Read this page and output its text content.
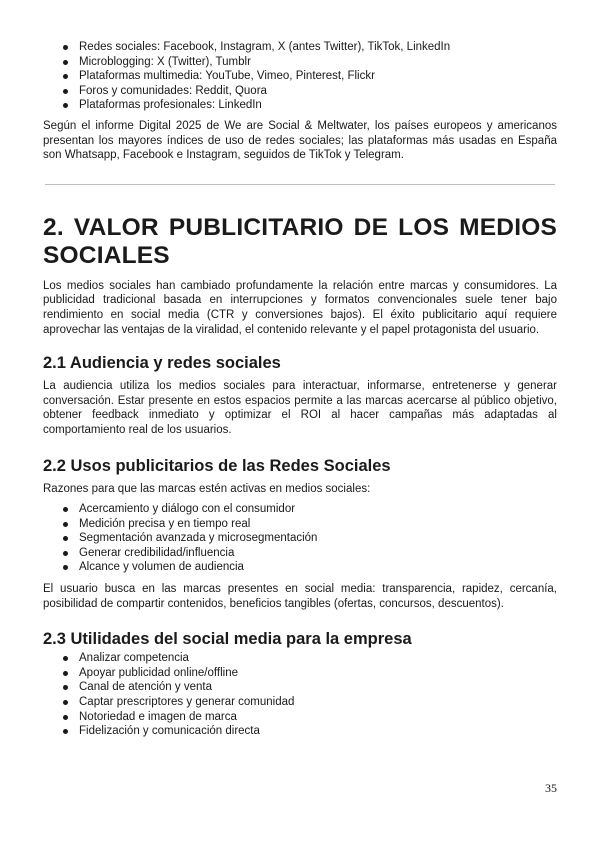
Redes sociales: Facebook, Instagram, X (antes Twitter), TikTok, LinkedIn
Microblogging: X (Twitter), Tumblr
Plataformas multimedia: YouTube, Vimeo, Pinterest, Flickr
Foros y comunidades: Reddit, Quora
Plataformas profesionales: LinkedIn

Según el informe Digital 2025 de We are Social & Meltwater, los países europeos y americanos presentan los mayores índices de uso de redes sociales; las plataformas más usadas en España son Whatsapp, Facebook e Instagram, seguidos de TikTok y Telegram.

2. VALOR PUBLICITARIO DE LOS MEDIOS SOCIALES

Los medios sociales han cambiado profundamente la relación entre marcas y consumidores. La publicidad tradicional basada en interrupciones y formatos convencionales suele tener bajo rendimiento en social media (CTR y conversiones bajos). El éxito publicitario aquí requiere aprovechar las ventajas de la viralidad, el contenido relevante y el papel protagonista del usuario.

2.1 Audiencia y redes sociales

La audiencia utiliza los medios sociales para interactuar, informarse, entretenerse y generar conversación. Estar presente en estos espacios permite a las marcas acercarse al público objetivo, obtener feedback inmediato y optimizar el ROI al hacer campañas más adaptadas al comportamiento real de los usuarios.

2.2 Usos publicitarios de las Redes Sociales

Razones para que las marcas estén activas en medios sociales:

Acercamiento y diálogo con el consumidor
Medición precisa y en tiempo real
Segmentación avanzada y microsegmentación
Generar credibilidad/influencia
Alcance y volumen de audiencia

El usuario busca en las marcas presentes en social media: transparencia, rapidez, cercanía, posibilidad de compartir contenidos, beneficios tangibles (ofertas, concursos, descuentos).

2.3 Utilidades del social media para la empresa
Analizar competencia
Apoyar publicidad online/offline
Canal de atención y venta
Captar prescriptores y generar comunidad
Notoriedad e imagen de marca
Fidelización y comunicación directa
35
